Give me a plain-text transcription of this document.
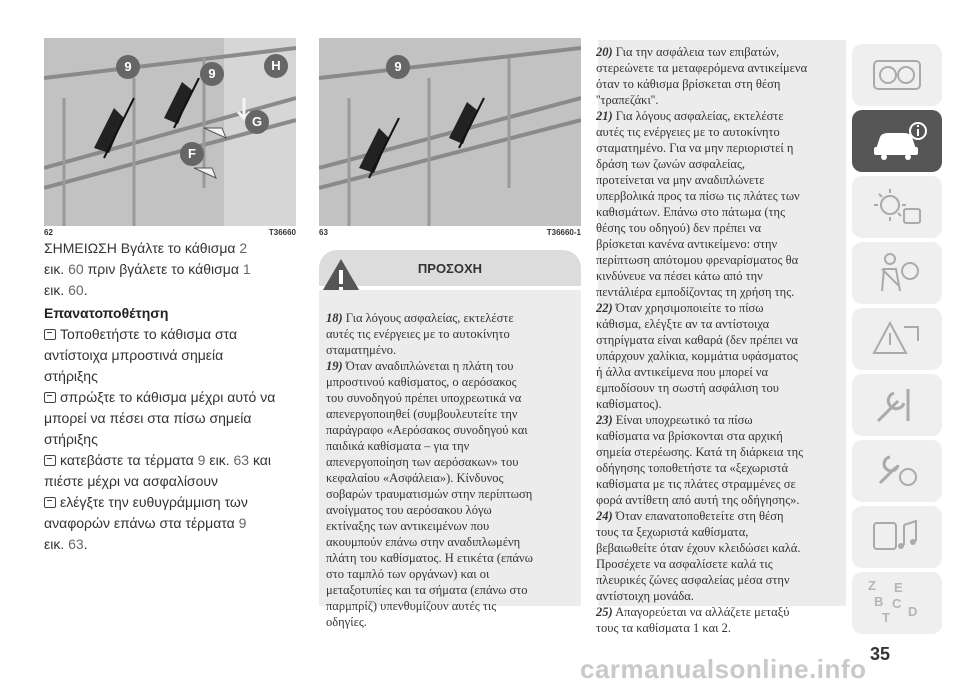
9	9
H
G
F
62	T36660
9
63	T36660-1

ΣΗΜΕΙΩΣΗ Βγάλτε το κάθισμα 2
εικ. 60 πριν βγάλετε το κάθισμα 1
εικ. 60.

Επανατοποθέτηση

Τοποθετήστε το κάθισμα στα
αντίστοιχα μπροστινά σημεία στήριξης

σπρώξτε το κάθισμα μέχρι αυτό να
μπορεί να πέσει στα πίσω σημεία
στήριξης

κατεβάστε τα τέρματα 9 εικ. 63 και
πιέστε μέχρι να ασφαλίσουν

ελέγξτε την ευθυγράμμιση των
αναφορών επάνω στα τέρματα 9
εικ. 63.

ΠΡΟΣΟΧΗ

18) Για λόγους ασφαλείας, εκτελέστε

αυτές τις ενέργειες με το αυτοκίνητο

σταματημένο.

19) Όταν αναδιπλώνεται η πλάτη του

μπροστινού καθίσματος, ο αερόσακος

του συνοδηγού πρέπει υποχρεωτικά να

απενεργοποιηθεί (συμβουλευτείτε την

παράγραφο «Αερόσακος συνοδηγού και

παιδικά καθίσματα – για την

απενεργοποίηση των αερόσακων» του

κεφαλαίου «Ασφάλεια»). Κίνδυνος

σοβαρών τραυματισμών στην περίπτωση

ανοίγματος του αερόσακου λόγω

εκτίναξης των αντικειμένων που

ακουμπούν επάνω στην αναδιπλωμένη

πλάτη του καθίσματος. Η ετικέτα (επάνω

στο ταμπλό των οργάνων) και οι

μεταξοτυπίες και τα σήματα (επάνω στο

παρμπρίζ) υπενθυμίζουν αυτές τις

οδηγίες.

20) Για την ασφάλεια των επιβατών,

στερεώνετε τα μεταφερόμενα αντικείμενα

όταν το κάθισμα βρίσκεται στη θέση

''τραπεζάκι''.

21) Για λόγους ασφαλείας, εκτελέστε

αυτές τις ενέργειες με το αυτοκίνητο

σταματημένο. Για να μην περιοριστεί η

δράση των ζωνών ασφαλείας,

προτείνεται να μην αναδιπλώνετε

υπερβολικά προς τα πίσω τις πλάτες των

καθισμάτων. Επάνω στο πάτωμα (της

θέσης του οδηγού) δεν πρέπει να

βρίσκεται κανένα αντικείμενο: στην

περίπτωση απότομου φρεναρίσματος θα

κινδύνευε να πέσει κάτω από την

πεντάλιέρα εμποδίζοντας τη χρήση της.

22) Όταν χρησιμοποιείτε το πίσω

κάθισμα, ελέγξτε αν τα αντίστοιχα

στηρίγματα είναι καθαρά (δεν πρέπει να

υπάρχουν χαλίκια, κομμάτια υφάσματος

ή άλλα αντικείμενα που μπορεί να

εμποδίσουν τη σωστή ασφάλιση του

καθίσματος).

23) Είναι υποχρεωτικό τα πίσω

καθίσματα να βρίσκονται στα αρχική

σημεία στερέωσης. Κατά τη διάρκεια της

οδήγησης τοποθετήστε τα «ξεχωριστά

καθίσματα με τις πλάτες στραμμένες σε

φορά αντίθετη από αυτή της οδήγησης».

24) Όταν επανατοποθετείτε στη θέση

τους τα ξεχωριστά καθίσματα,

βεβαιωθείτε όταν έχουν κλειδώσει καλά.

Προσέχετε να ασφαλίσετε καλά τις

πλευρικές ζώνες ασφαλείας μέσα στην

αντίστοιχη μονάδα.

25) Απαγορεύεται να αλλάζετε μεταξύ

τους τα καθίσματα 1 και 2.

Z E
B C
T D
35
carmanualsonline.info
